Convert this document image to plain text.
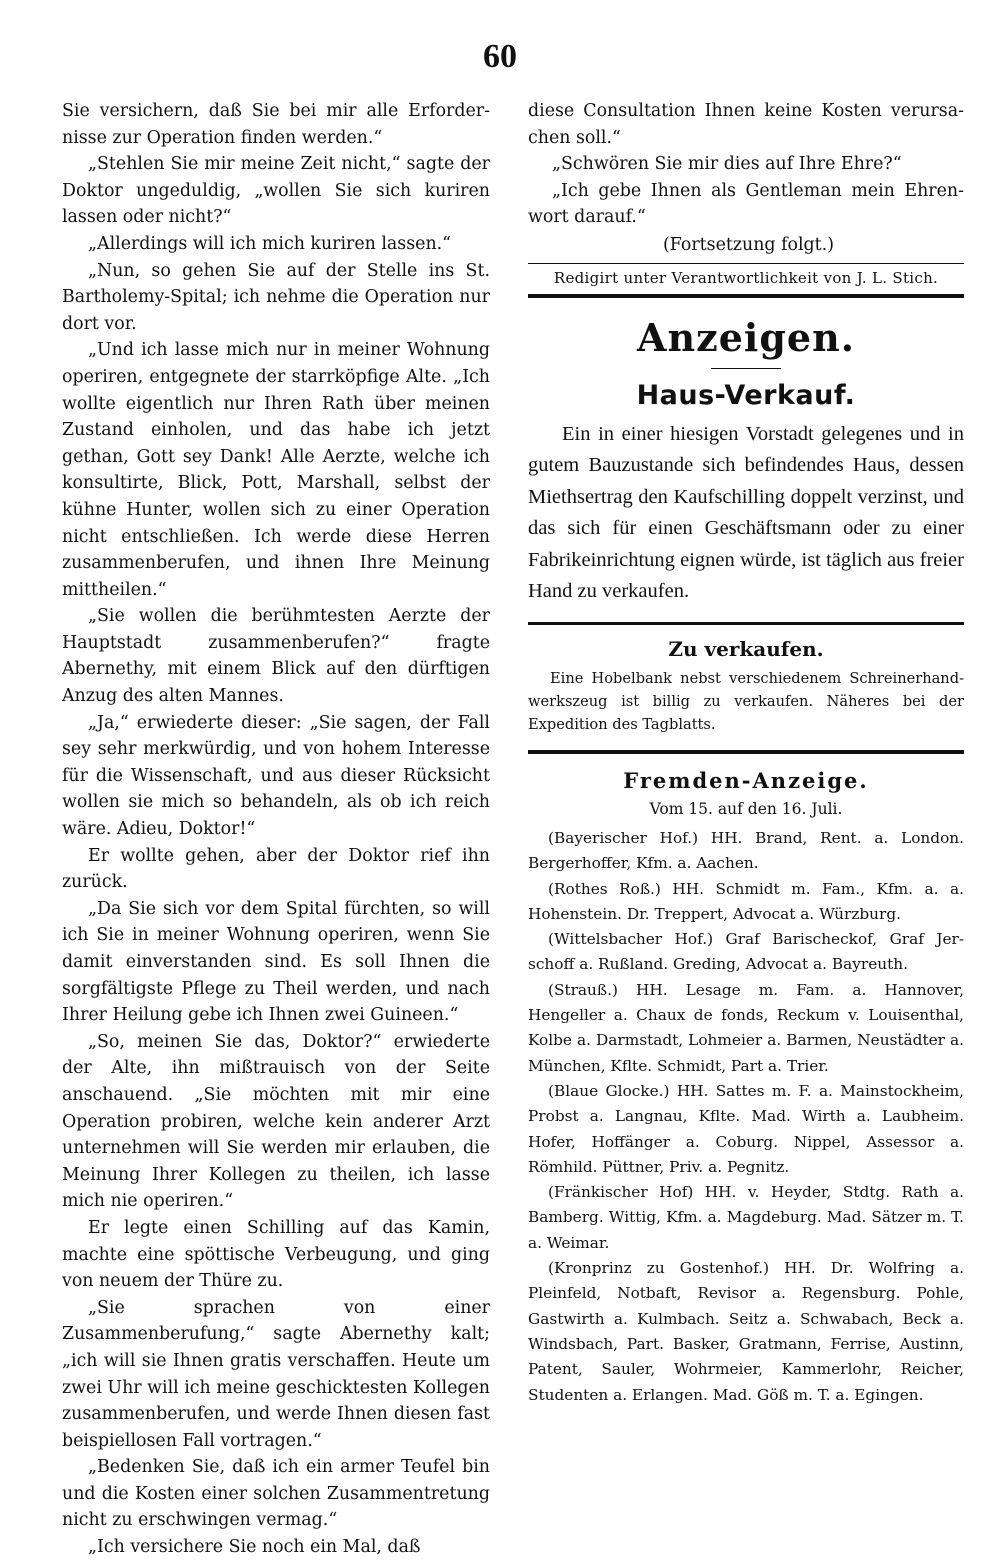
60

Sie versichern, daß Sie bei mir alle Erfordernisse zur Operation finden werden.“

„Stehlen Sie mir meine Zeit nicht,“ sagte der Doktor ungeduldig, „wollen Sie sich kuriren lassen oder nicht?“

„Allerdings will ich mich kuriren lassen.“

„Nun, so gehen Sie auf der Stelle ins St. Bartholemy-Spital; ich nehme die Operation nur dort vor.

„Und ich lasse mich nur in meiner Wohnung operiren, entgegnete der starrköpfige Alte. „Ich wollte eigentlich nur Ihren Rath über meinen Zustand einholen, und das habe ich jetzt gethan, Gott sey Dank! Alle Aerzte, welche ich konsultirte, Blick, Pott, Marshall, selbst der kühne Hunter, wollen sich zu einer Operation nicht entschließen. Ich werde diese Herren zusammenberufen, und ihnen Ihre Meinung mittheilen.“

„Sie wollen die berühmtesten Aerzte der Hauptstadt zusammenberufen?“ fragte Abernethy, mit einem Blick auf den dürftigen Anzug des alten Mannes.

„Ja,“ erwiederte dieser: „Sie sagen, der Fall sey sehr merkwürdig, und von hohem Interesse für die Wissenschaft, und aus dieser Rücksicht wollen sie mich so behandeln, als ob ich reich wäre. Adieu, Doktor!“

Er wollte gehen, aber der Doktor rief ihn zurück.

„Da Sie sich vor dem Spital fürchten, so will ich Sie in meiner Wohnung operiren, wenn Sie damit einverstanden sind. Es soll Ihnen die sorgfältigste Pflege zu Theil werden, und nach Ihrer Heilung gebe ich Ihnen zwei Guineen.“

„So, meinen Sie das, Doktor?“ erwiederte der Alte, ihn mißtrauisch von der Seite anschauend. „Sie möchten mit mir eine Operation probiren, welche kein anderer Arzt unternehmen will Sie werden mir erlauben, die Meinung Ihrer Kollegen zu theilen, ich lasse mich nie operiren.“

Er legte einen Schilling auf das Kamin, machte eine spöttische Verbeugung, und ging von neuem der Thüre zu.

„Sie sprachen von einer Zusammenberufung,“ sagte Abernethy kalt; „ich will sie Ihnen gratis verschaffen. Heute um zwei Uhr will ich meine geschicktesten Kollegen zusammenberufen, und werde Ihnen diesen fast beispiellosen Fall vortragen.“

„Bedenken Sie, daß ich ein armer Teufel bin und die Kosten einer solchen Zusammentretung nicht zu erschwingen vermag.“

„Ich versichere Sie noch ein Mal, daß

diese Consultation Ihnen keine Kosten verursachen soll.“

„Schwören Sie mir dies auf Ihre Ehre?“

„Ich gebe Ihnen als Gentleman mein Ehrenwort darauf.“

(Fortsetzung folgt.)
Redigirt unter Verantwortlichkeit von J. L. Stich.
Anzeigen.
Haus-Verkauf.

Ein in einer hiesigen Vorstadt gelegenes und in gutem Bauzustande sich befindendes Haus, dessen Miethsertrag den Kaufschilling doppelt verzinst, und das sich für einen Geschäftsmann oder zu einer Fabrikeinrichtung eignen würde, ist täglich aus freier Hand zu verkaufen.

Zu verkaufen.

Eine Hobelbank nebst verschiedenem Schreinerhandwerkszeug ist billig zu verkaufen. Näheres bei der Expedition des Tagblatts.

Fremden-Anzeige.
Vom 15. auf den 16. Juli.

(Bayerischer Hof.) HH. Brand, Rent. a. London. Bergerhoffer, Kfm. a. Aachen.

(Rothes Roß.) HH. Schmidt m. Fam., Kfm. a. a. Hohenstein. Dr. Treppert, Advocat a. Würzburg.

(Wittelsbacher Hof.) Graf Barischeckof, Graf Jerschoff a. Rußland. Greding, Advocat a. Bayreuth.

(Strauß.) HH. Lesage m. Fam. a. Hannover, Hengeller a. Chaux de fonds, Reckum v. Louisenthal, Kolbe a. Darmstadt, Lohmeier a. Barmen, Neustädter a. München, Kflte. Schmidt, Part a. Trier.

(Blaue Glocke.) HH. Sattes m. F. a. Mainstockheim, Probst a. Langnau, Kflte. Mad. Wirth a. Laubheim. Hofer, Hoffänger a. Coburg. Nippel, Assessor a. Römhild. Püttner, Priv. a. Pegnitz.

(Fränkischer Hof) HH. v. Heyder, Stdtg. Rath a. Bamberg. Wittig, Kfm. a. Magdeburg. Mad. Sätzer m. T. a. Weimar.

(Kronprinz zu Gostenhof.) HH. Dr. Wolfring a. Pleinfeld, Notbaft, Revisor a. Regensburg. Pohle, Gastwirth a. Kulmbach. Seitz a. Schwabach, Beck a. Windsbach, Part. Basker, Gratmann, Ferrise, Austinn, Patent, Sauler, Wohrmeier, Kammerlohr, Reicher, Studenten a. Erlangen. Mad. Göß m. T. a. Egingen.
